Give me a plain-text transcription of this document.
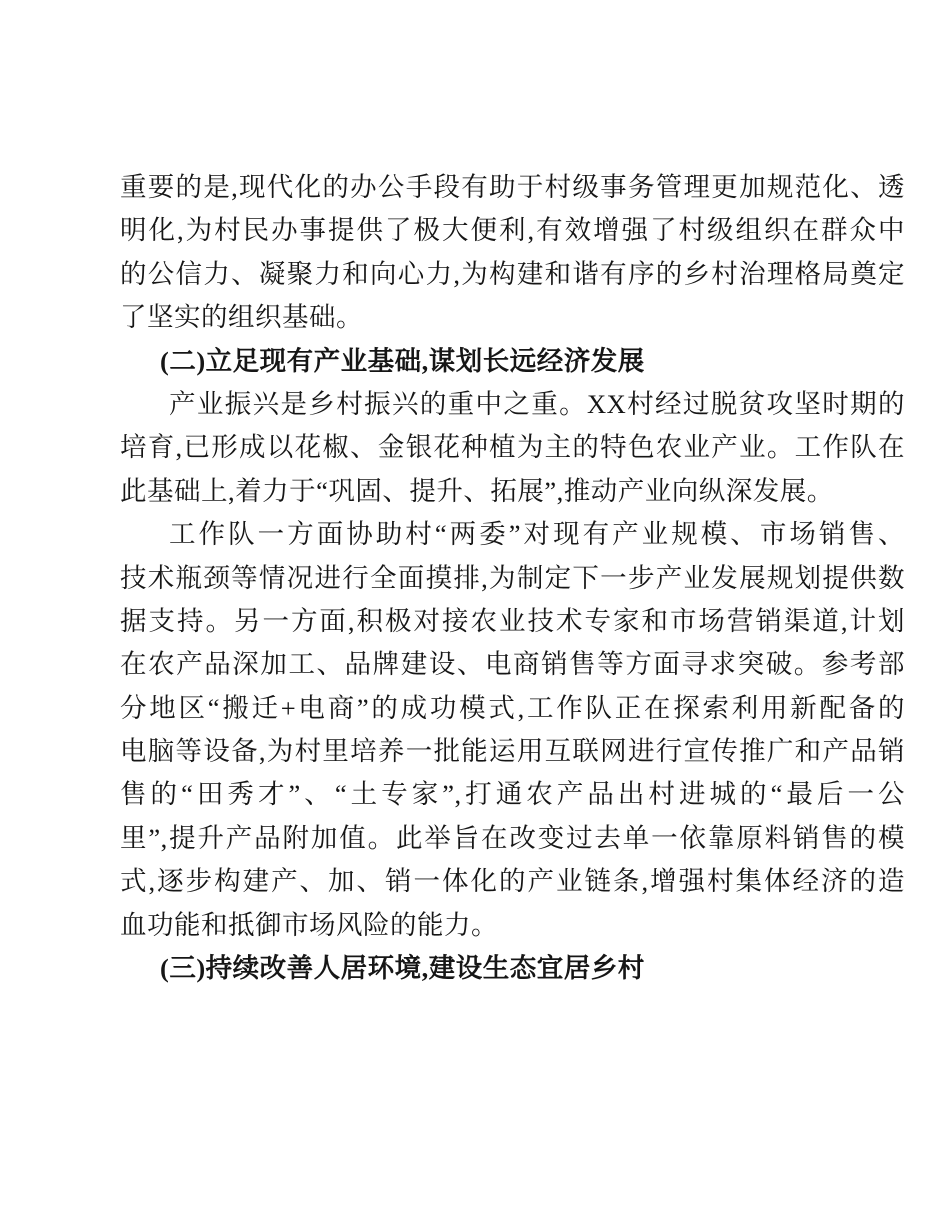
重要的是,现代化的办公手段有助于村级事务管理更加规范化、透

明化,为村民办事提供了极大便利,有效增强了村级组织在群众中

的公信力、凝聚力和向心力,为构建和谐有序的乡村治理格局奠定

了坚实的组织基础。

(二)立足现有产业基础,谋划长远经济发展

产业振兴是乡村振兴的重中之重。XX村经过脱贫攻坚时期的

培育,已形成以花椒、金银花种植为主的特色农业产业。工作队在

此基础上,着力于“巩固、提升、拓展”,推动产业向纵深发展。

工作队一方面协助村“两委”对现有产业规模、市场销售、

技术瓶颈等情况进行全面摸排,为制定下一步产业发展规划提供数

据支持。另一方面,积极对接农业技术专家和市场营销渠道,计划

在农产品深加工、品牌建设、电商销售等方面寻求突破。参考部

分地区“搬迁+电商”的成功模式,工作队正在探索利用新配备的

电脑等设备,为村里培养一批能运用互联网进行宣传推广和产品销

售的“田秀才”、“土专家”,打通农产品出村进城的“最后一公

里”,提升产品附加值。此举旨在改变过去单一依靠原料销售的模

式,逐步构建产、加、销一体化的产业链条,增强村集体经济的造

血功能和抵御市场风险的能力。

(三)持续改善人居环境,建设生态宜居乡村
